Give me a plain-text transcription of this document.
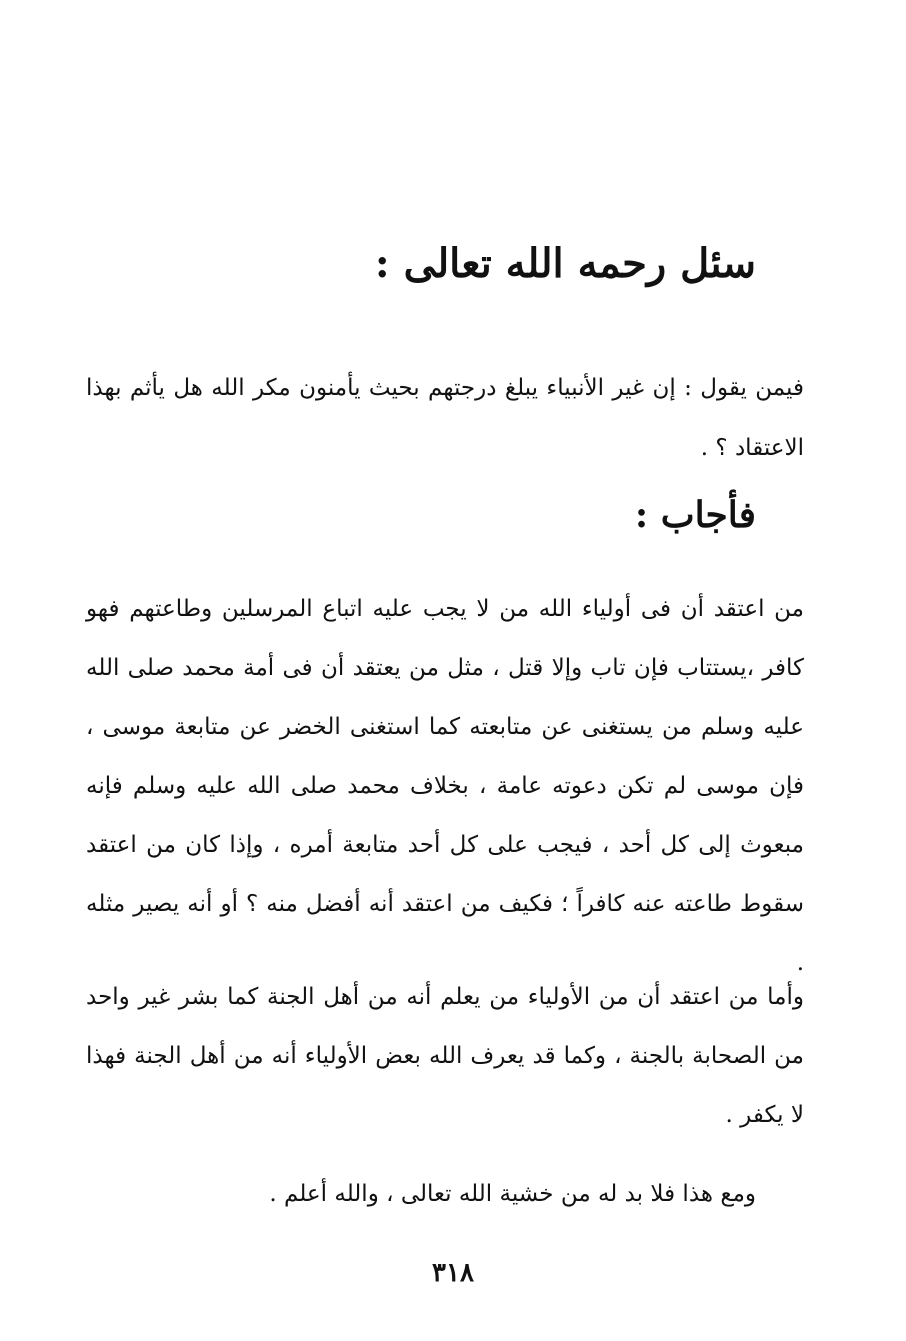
سئل رحمه الله تعالى :
فيمن يقول : إن غير الأنبياء يبلغ درجتهم بحيث يأمنون مكر الله هل يأثم بهذا الاعتقاد ؟ .
فأجاب :
من اعتقد أن فى أولياء الله من لا يجب عليه اتباع المرسلين وطاعتهم فهو كافر ،يستتاب فإن تاب وإلا قتل ، مثل من يعتقد أن فى أمة محمد صلى الله عليه وسلم من يستغنى عن متابعته كما استغنى الخضر عن متابعة موسى ، فإن موسى لم تكن دعوته عامة ، بخلاف محمد صلى الله عليه وسلم فإنه مبعوث إلى كل أحد ، فيجب على كل أحد متابعة أمره ، وإذا كان من اعتقد سقوط طاعته عنه كافراً ؛ فكيف من اعتقد أنه أفضل منه ؟ أو أنه يصير مثله .
وأما من اعتقد أن من الأولياء من يعلم أنه من أهل الجنة كما بشر غير واحد من الصحابة بالجنة ، وكما قد يعرف الله بعض الأولياء أنه من أهل الجنة فهذا لا يكفر .
ومع هذا فلا بد له من خشية الله تعالى ، والله أعلم .
٣١٨
